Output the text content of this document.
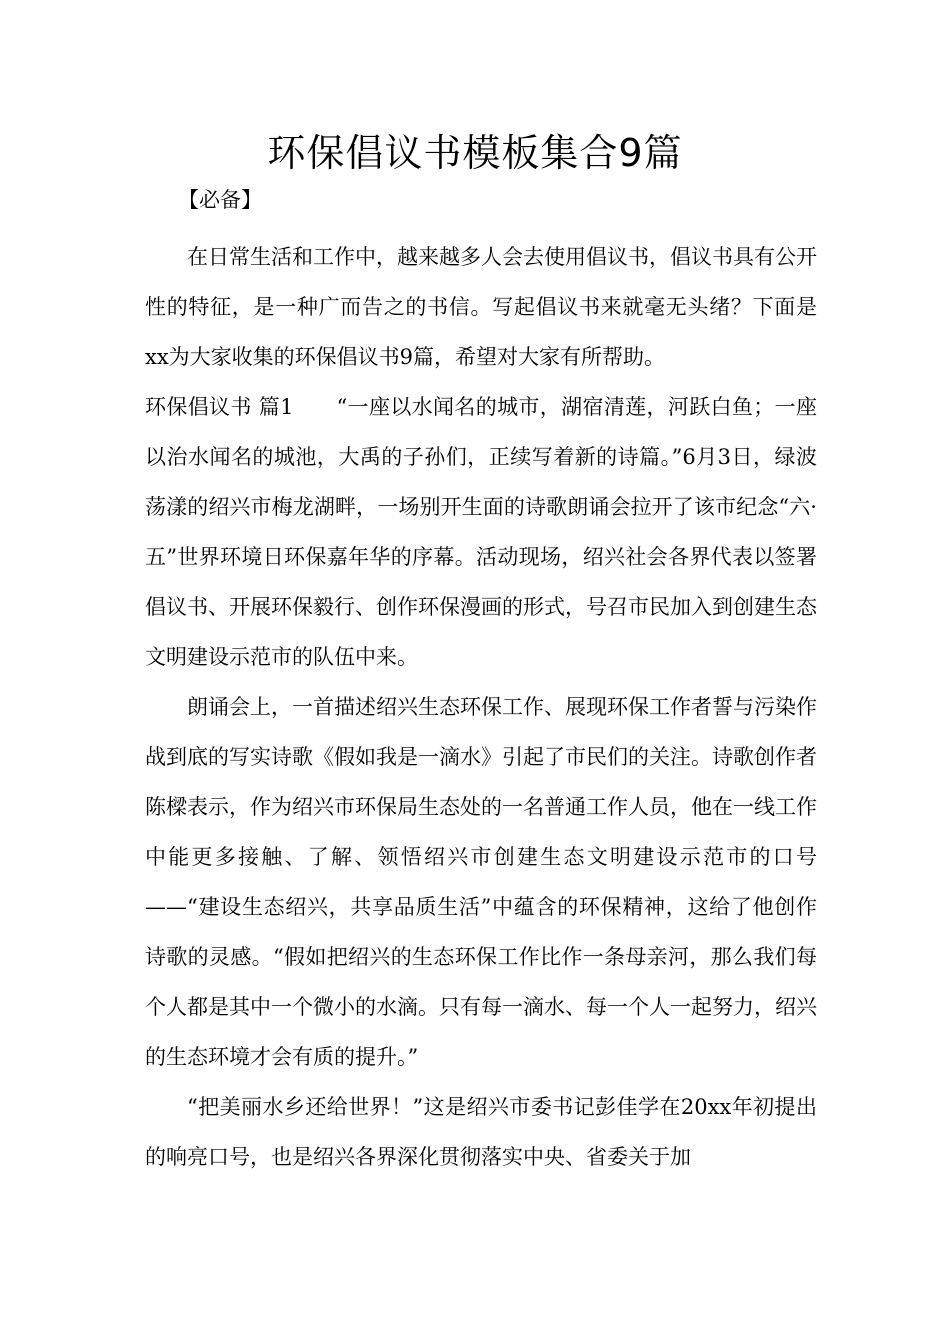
环保倡议书模板集合9篇
【必备】

在日常生活和工作中，越来越多人会去使用倡议书，倡议书具有公开性的特征，是一种广而告之的书信。写起倡议书来就毫无头绪？下面是xx为大家收集的环保倡议书9篇，希望对大家有所帮助。

环保倡议书 篇1　　“一座以水闻名的城市，湖宿清莲，河跃白鱼；一座以治水闻名的城池，大禹的子孙们，正续写着新的诗篇。”6月3日，绿波荡漾的绍兴市梅龙湖畔，一场别开生面的诗歌朗诵会拉开了该市纪念“六·五”世界环境日环保嘉年华的序幕。活动现场，绍兴社会各界代表以签署倡议书、开展环保毅行、创作环保漫画的形式，号召市民加入到创建生态文明建设示范市的队伍中来。

朗诵会上，一首描述绍兴生态环保工作、展现环保工作者誓与污染作战到底的写实诗歌《假如我是一滴水》引起了市民们的关注。诗歌创作者陈樑表示，作为绍兴市环保局生态处的一名普通工作人员，他在一线工作中能更多接触、了解、领悟绍兴市创建生态文明建设示范市的口号——“建设生态绍兴，共享品质生活”中蕴含的环保精神，这给了他创作诗歌的灵感。“假如把绍兴的生态环保工作比作一条母亲河，那么我们每个人都是其中一个微小的水滴。只有每一滴水、每一个人一起努力，绍兴的生态环境才会有质的提升。”

“把美丽水乡还给世界！”这是绍兴市委书记彭佳学在20xx年初提出的响亮口号，也是绍兴各界深化贯彻落实中央、省委关于加
